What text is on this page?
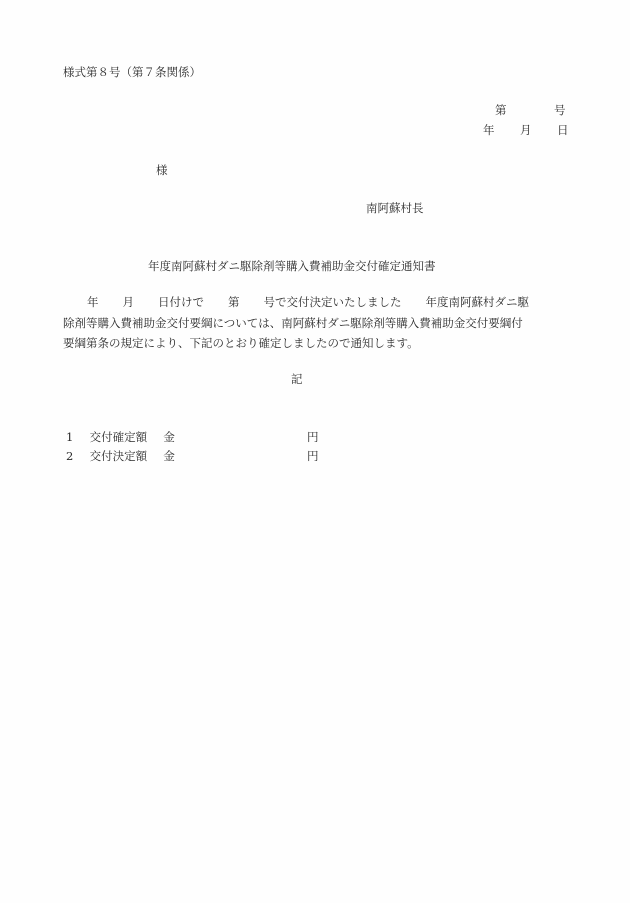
様式第８号（第７条関係）
第	号
年 月 日
様
南阿蘇村長
年度南阿蘇村ダニ駆除剤等購入費補助金交付確定通知書
年 月 日付けで 第 号で交付決定いたしました 年度南阿蘇村ダニ駆
除剤等購入費補助金交付要綱については、南阿蘇村ダニ駆除剤等購入費補助金交付要綱付
要綱第条の規定により、下記のとおり確定しましたので通知します。
記
1 交付確定額 金	円
2 交付決定額 金	円
